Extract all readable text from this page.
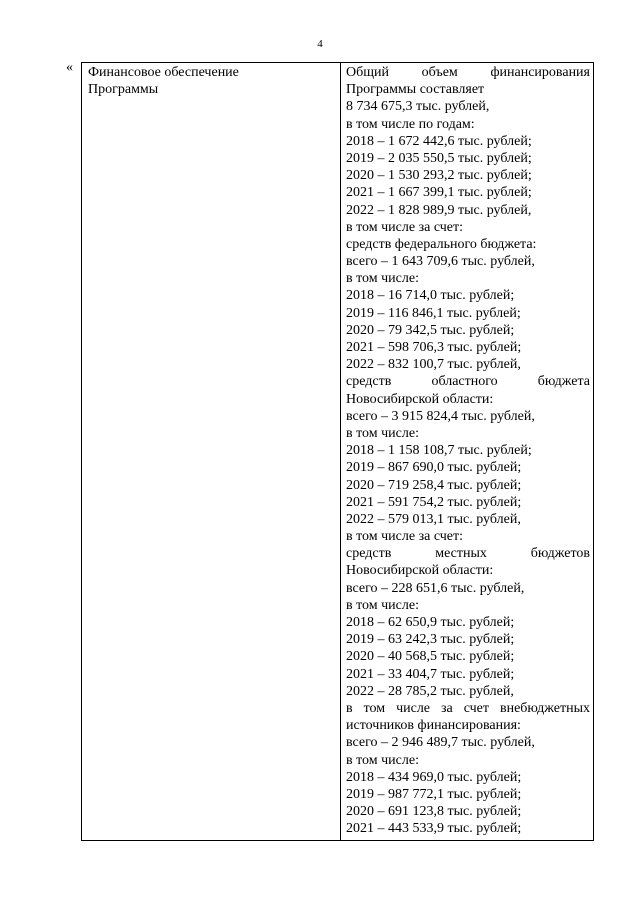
4
« Финансовое обеспечение
Программы
Общий объем финансирования
Программы составляет
8 734 675,3 тыс. рублей,
в том числе по годам:
2018 – 1 672 442,6 тыс. рублей;
2019 – 2 035 550,5 тыс. рублей;
2020 – 1 530 293,2 тыс. рублей;
2021 – 1 667 399,1 тыс. рублей;
2022 – 1 828 989,9 тыс. рублей,
в том числе за счет:
средств федерального бюджета:
всего – 1 643 709,6 тыс. рублей,
в том числе:
2018 – 16 714,0 тыс. рублей;
2019 – 116 846,1 тыс. рублей;
2020 – 79 342,5 тыс. рублей;
2021 – 598 706,3 тыс. рублей;
2022 – 832 100,7 тыс. рублей,
средств областного бюджета
Новосибирской области:
всего – 3 915 824,4 тыс. рублей,
в том числе:
2018 – 1 158 108,7 тыс. рублей;
2019 – 867 690,0 тыс. рублей;
2020 – 719 258,4 тыс. рублей;
2021 – 591 754,2 тыс. рублей;
2022 – 579 013,1 тыс. рублей,
в том числе за счет:
средств местных бюджетов
Новосибирской области:
всего – 228 651,6 тыс. рублей,
в том числе:
2018 – 62 650,9 тыс. рублей;
2019 – 63 242,3 тыс. рублей;
2020 – 40 568,5 тыс. рублей;
2021 – 33 404,7 тыс. рублей;
2022 – 28 785,2 тыс. рублей,
в том числе за счет внебюджетных
источников финансирования:
всего – 2 946 489,7 тыс. рублей,
в том числе:
2018 – 434 969,0 тыс. рублей;
2019 – 987 772,1 тыс. рублей;
2020 – 691 123,8 тыс. рублей;
2021 – 443 533,9 тыс. рублей;
